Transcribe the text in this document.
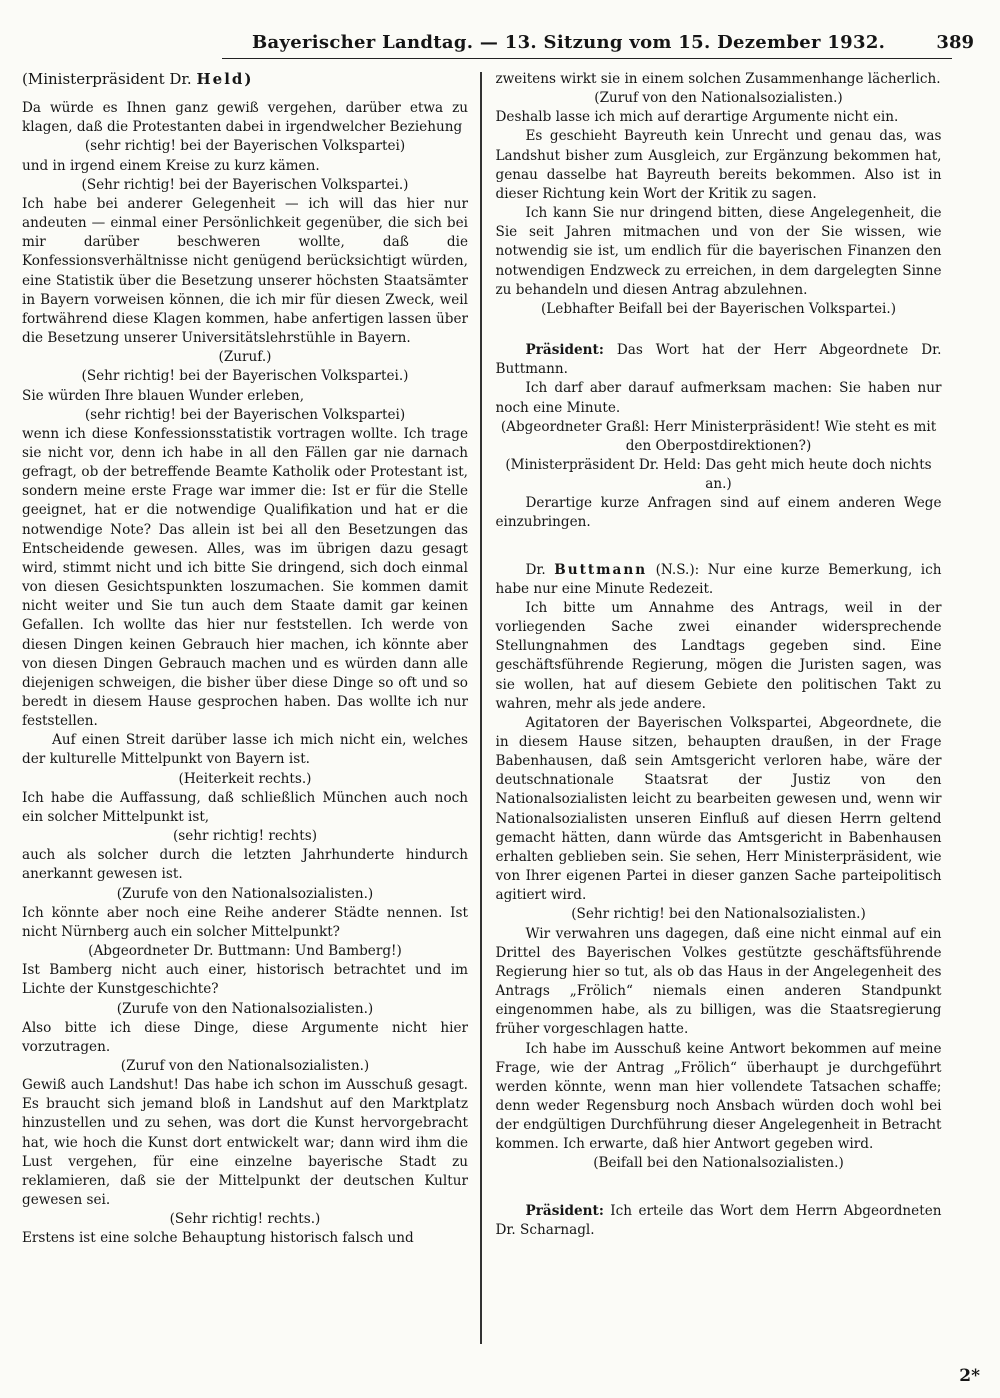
Bayerischer Landtag. — 13. Sitzung vom 15. Dezember 1932.	389
(Ministerpräsident Dr. Held)

Da würde es Ihnen ganz gewiß vergehen, darüber etwa zu klagen, daß die Protestanten dabei in irgendwelcher Beziehung

(sehr richtig! bei der Bayerischen Volkspartei)

und in irgend einem Kreise zu kurz kämen.

(Sehr richtig! bei der Bayerischen Volkspartei.)

Ich habe bei anderer Gelegenheit — ich will das hier nur andeuten — einmal einer Persönlichkeit gegenüber, die sich bei mir darüber beschweren wollte, daß die Konfessionsverhältnisse nicht genügend berücksichtigt würden, eine Statistik über die Besetzung unserer höchsten Staatsämter in Bayern vorweisen können, die ich mir für diesen Zweck, weil fortwährend diese Klagen kommen, habe anfertigen lassen über die Besetzung unserer Universitätslehrstühle in Bayern.

(Zuruf.)
(Sehr richtig! bei der Bayerischen Volkspartei.)

Sie würden Ihre blauen Wunder erleben,

(sehr richtig! bei der Bayerischen Volkspartei)

wenn ich diese Konfessionsstatistik vortragen wollte. Ich trage sie nicht vor, denn ich habe in all den Fällen gar nie darnach gefragt, ob der betreffende Beamte Katholik oder Protestant ist, sondern meine erste Frage war immer die: Ist er für die Stelle geeignet, hat er die notwendige Qualifikation und hat er die notwendige Note? Das allein ist bei all den Besetzungen das Entscheidende gewesen. Alles, was im übrigen dazu gesagt wird, stimmt nicht und ich bitte Sie dringend, sich doch einmal von diesen Gesichtspunkten loszumachen. Sie kommen damit nicht weiter und Sie tun auch dem Staate damit gar keinen Gefallen. Ich wollte das hier nur feststellen. Ich werde von diesen Dingen keinen Gebrauch hier machen, ich könnte aber von diesen Dingen Gebrauch machen und es würden dann alle diejenigen schweigen, die bisher über diese Dinge so oft und so beredt in diesem Hause gesprochen haben. Das wollte ich nur feststellen.

Auf einen Streit darüber lasse ich mich nicht ein, welches der kulturelle Mittelpunkt von Bayern ist.

(Heiterkeit rechts.)

Ich habe die Auffassung, daß schließlich München auch noch ein solcher Mittelpunkt ist,

(sehr richtig! rechts)

auch als solcher durch die letzten Jahrhunderte hindurch anerkannt gewesen ist.

(Zurufe von den Nationalsozialisten.)

Ich könnte aber noch eine Reihe anderer Städte nennen. Ist nicht Nürnberg auch ein solcher Mittelpunkt?

(Abgeordneter Dr. Buttmann: Und Bamberg!)

Ist Bamberg nicht auch einer, historisch betrachtet und im Lichte der Kunstgeschichte?

(Zurufe von den Nationalsozialisten.)

Also bitte ich diese Dinge, diese Argumente nicht hier vorzutragen.

(Zuruf von den Nationalsozialisten.)

Gewiß auch Landshut! Das habe ich schon im Ausschuß gesagt. Es braucht sich jemand bloß in Landshut auf den Marktplatz hinzustellen und zu sehen, was dort die Kunst hervorgebracht hat, wie hoch die Kunst dort entwickelt war; dann wird ihm die Lust vergehen, für eine einzelne bayerische Stadt zu reklamieren, daß sie der Mittelpunkt der deutschen Kultur gewesen sei.

(Sehr richtig! rechts.)

Erstens ist eine solche Behauptung historisch falsch und

zweitens wirkt sie in einem solchen Zusammenhange lächerlich.

(Zuruf von den Nationalsozialisten.)

Deshalb lasse ich mich auf derartige Argumente nicht ein.

Es geschieht Bayreuth kein Unrecht und genau das, was Landshut bisher zum Ausgleich, zur Ergänzung bekommen hat, genau dasselbe hat Bayreuth bereits bekommen. Also ist in dieser Richtung kein Wort der Kritik zu sagen.

Ich kann Sie nur dringend bitten, diese Angelegenheit, die Sie seit Jahren mitmachen und von der Sie wissen, wie notwendig sie ist, um endlich für die bayerischen Finanzen den notwendigen Endzweck zu erreichen, in dem dargelegten Sinne zu behandeln und diesen Antrag abzulehnen.

(Lebhafter Beifall bei der Bayerischen Volkspartei.)

Präsident: Das Wort hat der Herr Abgeordnete Dr. Buttmann.

Ich darf aber darauf aufmerksam machen: Sie haben nur noch eine Minute.

(Abgeordneter Graßl: Herr Ministerpräsident! Wie steht es mit den Oberpostdirektionen?)
(Ministerpräsident Dr. Held: Das geht mich heute doch nichts an.)

Derartige kurze Anfragen sind auf einem anderen Wege einzubringen.

Dr. Buttmann (N.S.): Nur eine kurze Bemerkung, ich habe nur eine Minute Redezeit.

Ich bitte um Annahme des Antrags, weil in der vorliegenden Sache zwei einander widersprechende Stellungnahmen des Landtags gegeben sind. Eine geschäftsführende Regierung, mögen die Juristen sagen, was sie wollen, hat auf diesem Gebiete den politischen Takt zu wahren, mehr als jede andere.

Agitatoren der Bayerischen Volkspartei, Abgeordnete, die in diesem Hause sitzen, behaupten draußen, in der Frage Babenhausen, daß sein Amtsgericht verloren habe, wäre der deutschnationale Staatsrat der Justiz von den Nationalsozialisten leicht zu bearbeiten gewesen und, wenn wir Nationalsozialisten unseren Einfluß auf diesen Herrn geltend gemacht hätten, dann würde das Amtsgericht in Babenhausen erhalten geblieben sein. Sie sehen, Herr Ministerpräsident, wie von Ihrer eigenen Partei in dieser ganzen Sache parteipolitisch agitiert wird.

(Sehr richtig! bei den Nationalsozialisten.)

Wir verwahren uns dagegen, daß eine nicht einmal auf ein Drittel des Bayerischen Volkes gestützte geschäftsführende Regierung hier so tut, als ob das Haus in der Angelegenheit des Antrags „Frölich“ niemals einen anderen Standpunkt eingenommen habe, als zu billigen, was die Staatsregierung früher vorgeschlagen hatte.

Ich habe im Ausschuß keine Antwort bekommen auf meine Frage, wie der Antrag „Frölich“ überhaupt je durchgeführt werden könnte, wenn man hier vollendete Tatsachen schaffe; denn weder Regensburg noch Ansbach würden doch wohl bei der endgültigen Durchführung dieser Angelegenheit in Betracht kommen. Ich erwarte, daß hier Antwort gegeben wird.

(Beifall bei den Nationalsozialisten.)

Präsident: Ich erteile das Wort dem Herrn Abgeordneten Dr. Scharnagl.

2*
